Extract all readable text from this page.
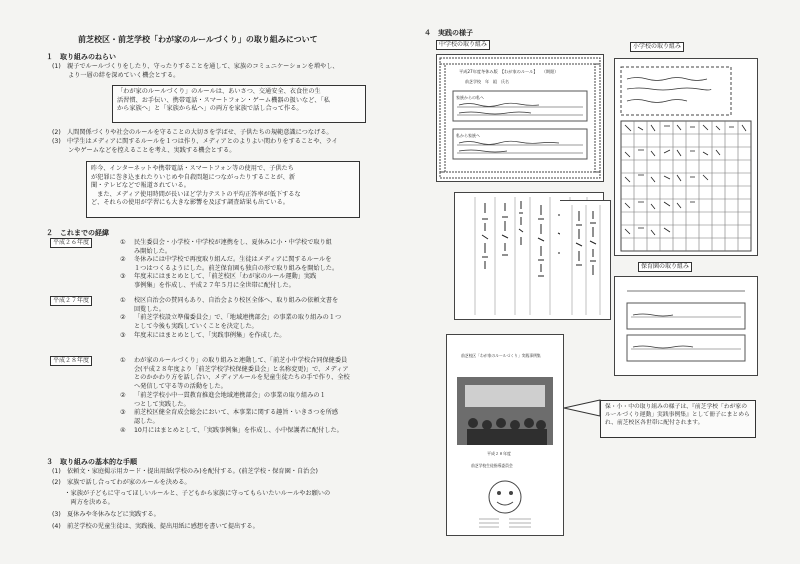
前芝校区・前芝学校「わが家のルールづくり」の取り組みについて
１　取り組みのねらい
(1)　親子でルールづくりをしたり、守ったりすることを通して、家族のコミュニケーションを増やし、
より一層の絆を深めていく機会とする。
「わが家のルールづくり」のルールは、あいさつ、交通安全、衣食住の生
活習慣、お手伝い、携帯電話・スマートフォン・ゲーム機器の扱いなど、「私
から家族へ」と「家族から私へ」の両方を家族で話し合って作る。
(2)　人間関係づくりや社会のルールを守ることの大切さを学ばせ、子供たちの規範意識につなげる。
(3)　中学生はメディアに関するルールを１つは作り、メディアとのよりよい関わりをすることや、ライ
ンやゲームなどを控えることを考え、実践する機会とする。
昨今、インターネットや携帯電話・スマートフォン等の使用で、子供たち
が犯罪に巻き込まれたりいじめや自殺問題につながったりすることが、新
聞・テレビなどで報道されている。
　また、メディア使用時間が長いほど学力テストの平均正答率が低下するな
ど、それらの使用が学習にも大きな影響を及ぼす調査結果も出ている。
２　これまでの経緯
平成２６年度	① 民生委員会・小学校・中学校が連携をし、夏休みに小・中学校で取り組
み開始した。
② 冬休みには中学校で再度取り組んだ。生徒はメディアに関するルールを
１つはつくるようにした。前芝保育園も独自の形で取り組みを開始した。
③ 年度末にはまとめとして、「前芝校区「わが家のルール運動」実践
事例集」を作成し、平成２７年５月に全世帯に配付した。
平成２７年度	① 校区自治会の賛同もあり、自治会より校区全体へ、取り組みの依頼文書を
回覧した。
② 「前芝学校設立準備委員会」で、「地域連携部会」の事業の取り組みの１つ
として今後も実践していくことを決定した。
③ 年度末にはまとめとして、「実践事例集」を作成した。
平成２８年度	① わが家のルールづくり」の取り組みと連動して、「前芝小中学校合同保健委員
会(平成２８年度より「前芝学校学校保健委員会」と名称変更)」で、メディア
とのかかわり方を話し合い、メディアルールを児童生徒たちの手で作り、全校
へ発信して守る等の活動をした。
② 「前芝学校小中一貫教育推進会地域連携部会」の事業の取り組みの１
つとして実践した。
③ 前芝校区健全育成会総会において、本事業に関する趣旨・いきさつを所感
認した。
④ 10月にはまとめとして、「実践事例集」を作成し、小中保護者に配付した。
３　取り組みの基本的な手順
(1)　依頼文・家庭掲示用カード・提出用紙(学校のみ)を配付する。(前芝学校・保育園・自治会)
(2)　家族で話し合ってわが家のルールを決める。
　　・家族が子どもに守ってほしいルールと、子どもから家族に守ってもらいたいルールやお願いの
　　　両方を決める。
(3)　夏休みや冬休みなどに実践する。
(4)　前芝学校の児童生徒は、実践後、提出用紙に感想を書いて提出する。
４　実践の様子
中学校の取り組み
平成27年度冬休み版　【わが家のルール】　　（期限）
前芝学校　年　組　氏名
家族からの私へ
私から家族へ
小学校の取り組み
保育園の取り組み
前芝校区「わが家のルールづくり」実践事例集
平成２８年度
前芝学校生徒指導委員会
保・小・中の取り組みの様子は、『前芝学校「わが家のルールづくり運動」実践事例集』として冊子にまとめられ、前芝校区各世帯に配付されます。
